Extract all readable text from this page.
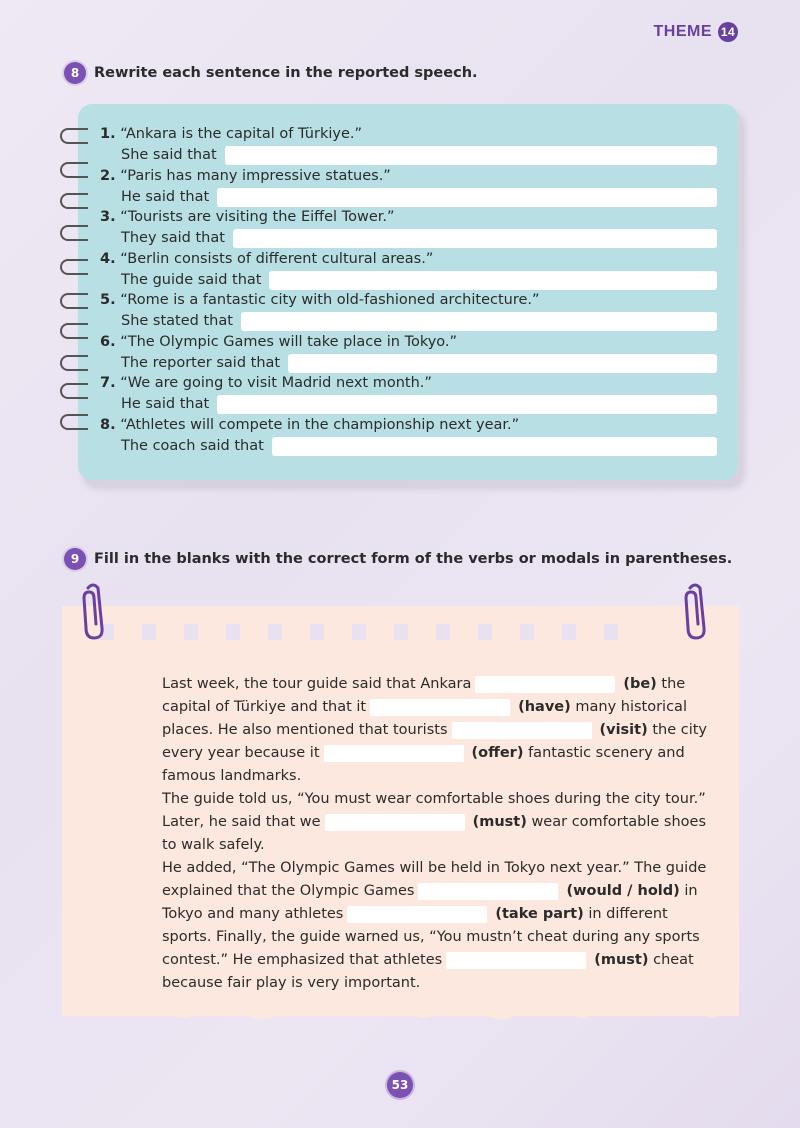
THEME 14
8	Rewrite each sentence in the reported speech.
1. “Ankara is the capital of Türkiye.”
She said that
2. “Paris has many impressive statues.”
He said that
3. “Tourists are visiting the Eiffel Tower.”
They said that
4. “Berlin consists of different cultural areas.”
The guide said that
5. “Rome is a fantastic city with old-fashioned architecture.”
She stated that
6. “The Olympic Games will take place in Tokyo.”
The reporter said that
7. “We are going to visit Madrid next month.”
He said that
8. “Athletes will compete in the championship next year.”
The coach said that
9	Fill in the blanks with the correct form of the verbs or modals in parentheses.

Last week, the tour guide said that Ankara	(be) the capital of Türkiye and that it	(have) many historical places. He also mentioned that tourists	(visit) the city every year because it	(offer) fantastic scenery and famous landmarks.

The guide told us, “You must wear comfortable shoes during the city tour.” Later, he said that we	(must) wear comfortable shoes to walk safely.

He added, “The Olympic Games will be held in Tokyo next year.” The guide explained that the Olympic Games	(would / hold) in Tokyo and many athletes	(take part) in different sports. Finally, the guide warned us, “You mustn’t cheat during any sports contest.” He emphasized that athletes	(must) cheat because fair play is very important.

53
